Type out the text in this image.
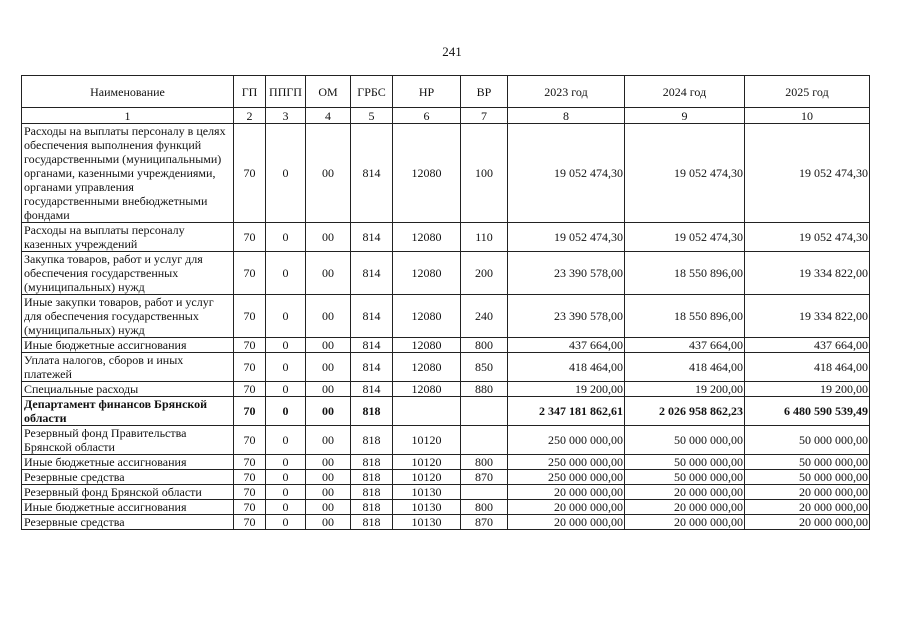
241
Наименование	ГП	ППГП	ОМ	ГРБС	НР	ВР	2023 год	2024 год	2025 год
1	2	3	4	5	6	7	8	9	10
Расходы на выплаты персоналу в целях обеспечения выполнения функций государственными (муниципальными) органами, казенными учреждениями, органами управления государственными внебюджетными фондами	70	0	00	814	12080	100	19 052 474,30	19 052 474,30	19 052 474,30
Расходы на выплаты персоналу казенных учреждений	70	0	00	814	12080	110	19 052 474,30	19 052 474,30	19 052 474,30
Закупка товаров, работ и услуг для обеспечения государственных (муниципальных) нужд	70	0	00	814	12080	200	23 390 578,00	18 550 896,00	19 334 822,00
Иные закупки товаров, работ и услуг для обеспечения государственных (муниципальных) нужд	70	0	00	814	12080	240	23 390 578,00	18 550 896,00	19 334 822,00
Иные бюджетные ассигнования	70	0	00	814	12080	800	437 664,00	437 664,00	437 664,00
Уплата налогов, сборов и иных платежей	70	0	00	814	12080	850	418 464,00	418 464,00	418 464,00
Специальные расходы	70	0	00	814	12080	880	19 200,00	19 200,00	19 200,00
Департамент финансов Брянской области	70	0	00	818			2 347 181 862,61	2 026 958 862,23	6 480 590 539,49
Резервный фонд Правительства Брянской области	70	0	00	818	10120		250 000 000,00	50 000 000,00	50 000 000,00
Иные бюджетные ассигнования	70	0	00	818	10120	800	250 000 000,00	50 000 000,00	50 000 000,00
Резервные средства	70	0	00	818	10120	870	250 000 000,00	50 000 000,00	50 000 000,00
Резервный фонд Брянской области	70	0	00	818	10130		20 000 000,00	20 000 000,00	20 000 000,00
Иные бюджетные ассигнования	70	0	00	818	10130	800	20 000 000,00	20 000 000,00	20 000 000,00
Резервные средства	70	0	00	818	10130	870	20 000 000,00	20 000 000,00	20 000 000,00
